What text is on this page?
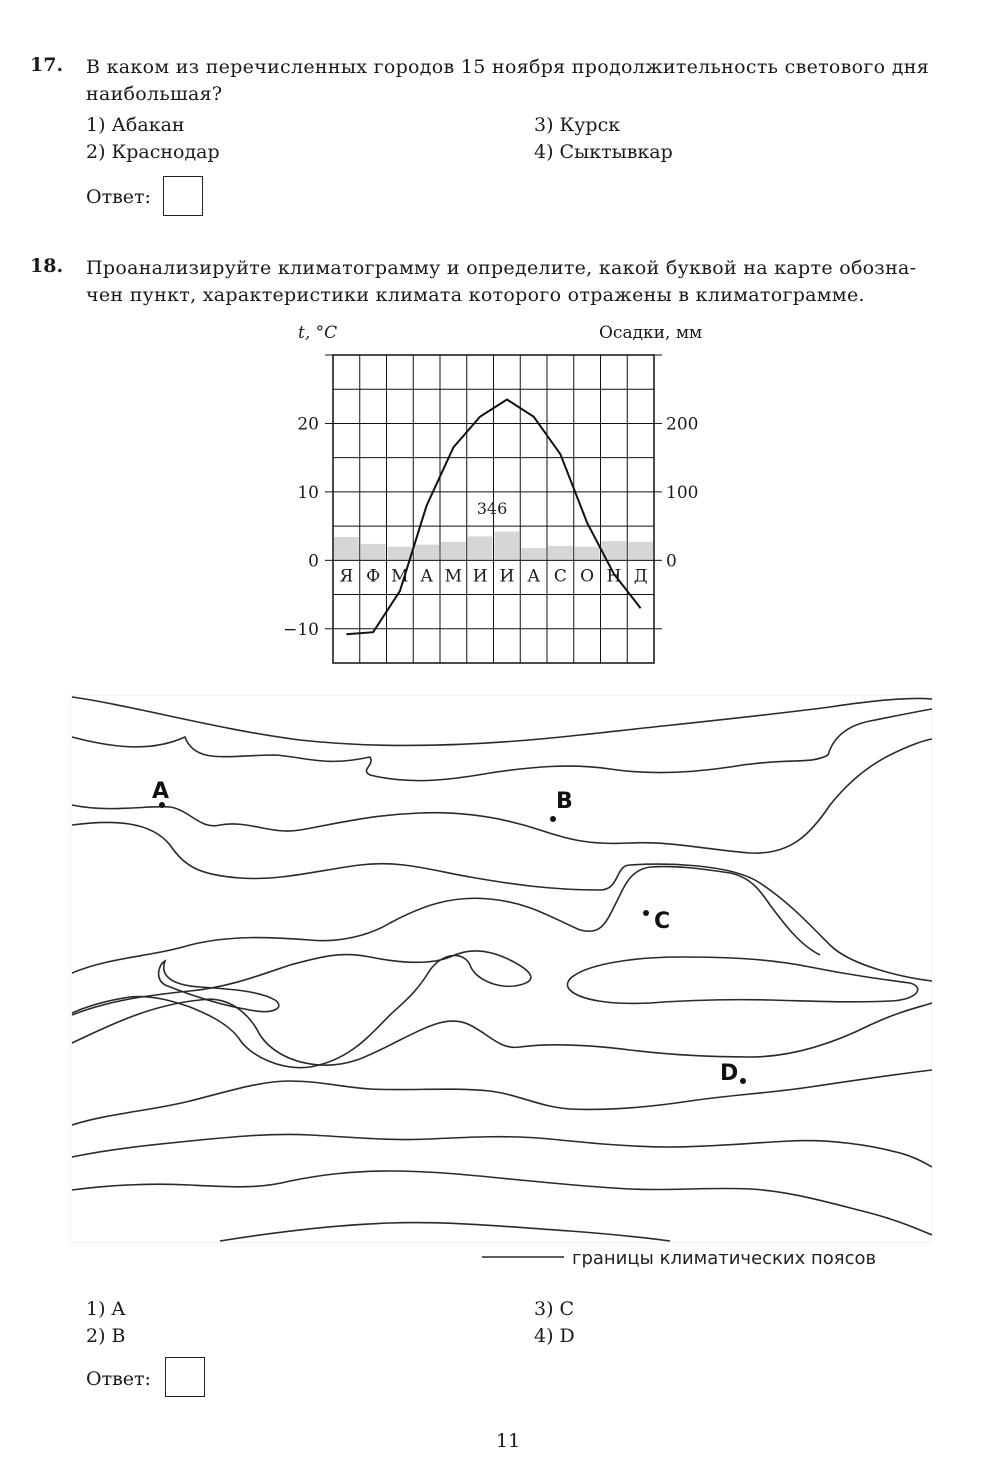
17. В каком из перечисленных городов 15 ноября продолжительность светового дня
наибольшая?
1) Абакан	3) Курск
2) Краснодар	4) Сыктывкар
Ответ:
18. Проанализируйте климатограмму и определите, какой буквой на карте обозна-
чен пункт, характеристики климата которого отражены в климатограмме.
t, °C	Осадки, мм
Я Ф М А М И И А С О Н Д
20
10
0
−10
200
100
0
346
A	B
C
D
границы климатических поясов
1) A	3) C
2) B	4) D
Ответ:
11
